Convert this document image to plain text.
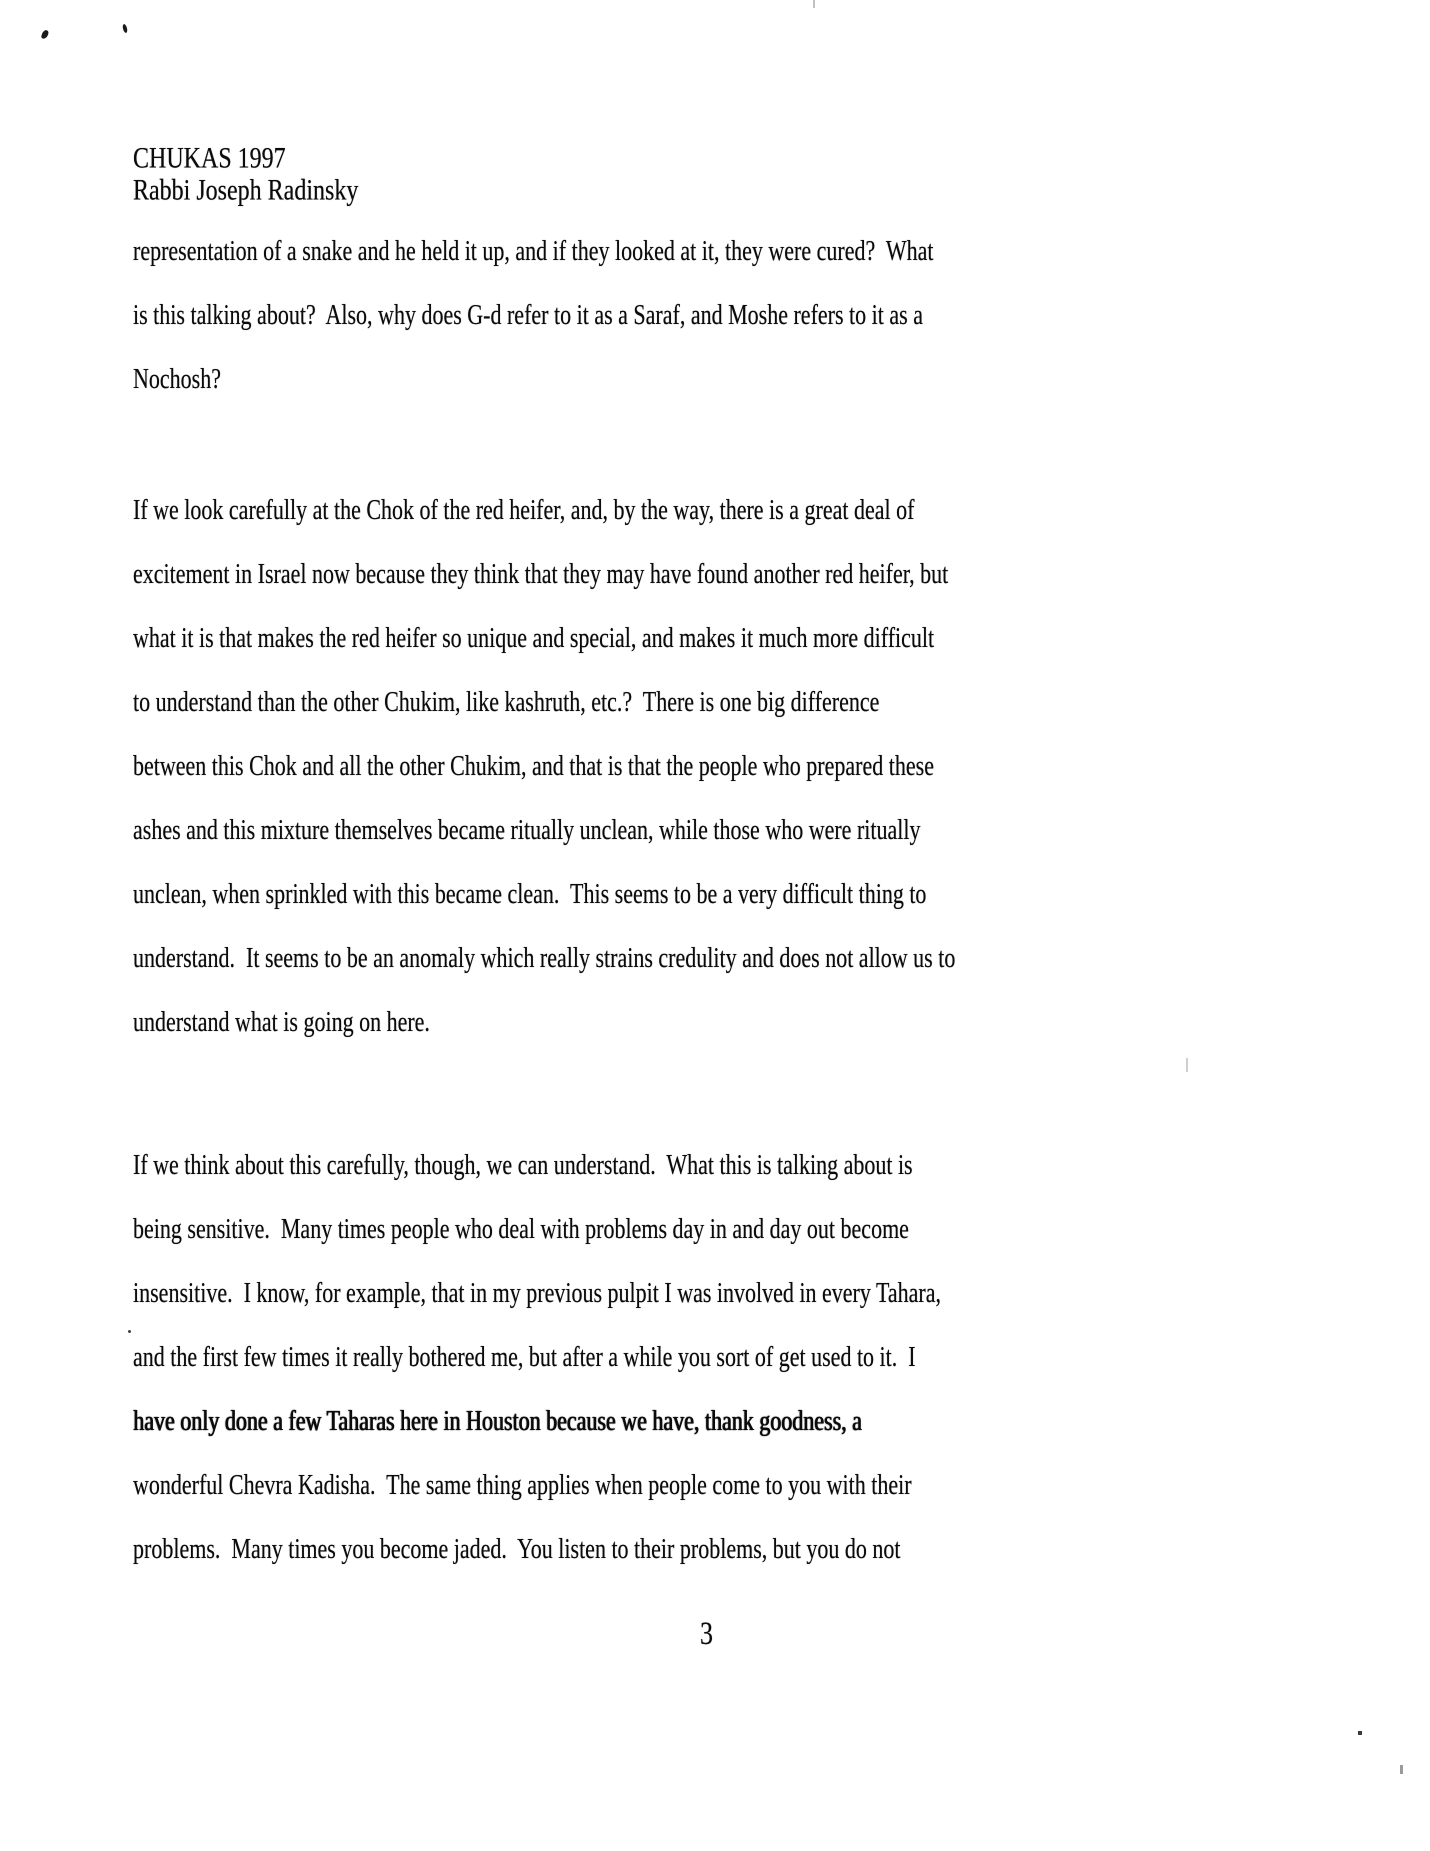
CHUKAS 1997
Rabbi Joseph Radinsky
representation of a snake and he held it up, and if they looked at it, they were cured?  What
is this talking about?  Also, why does G-d refer to it as a Saraf, and Moshe refers to it as a
Nochosh?
If we look carefully at the Chok of the red heifer, and, by the way, there is a great deal of
excitement in Israel now because they think that they may have found another red heifer, but
what it is that makes the red heifer so unique and special, and makes it much more difficult
to understand than the other Chukim, like kashruth, etc.?  There is one big difference
between this Chok and all the other Chukim, and that is that the people who prepared these
ashes and this mixture themselves became ritually unclean, while those who were ritually
unclean, when sprinkled with this became clean.  This seems to be a very difficult thing to
understand.  It seems to be an anomaly which really strains credulity and does not allow us to
understand what is going on here.
If we think about this carefully, though, we can understand.  What this is talking about is
being sensitive.  Many times people who deal with problems day in and day out become
insensitive.  I know, for example, that in my previous pulpit I was involved in every Tahara,
and the first few times it really bothered me, but after a while you sort of get used to it.  I
have only done a few Taharas here in Houston because we have, thank goodness, a
wonderful Chevra Kadisha.  The same thing applies when people come to you with their
problems.  Many times you become jaded.  You listen to their problems, but you do not
3
